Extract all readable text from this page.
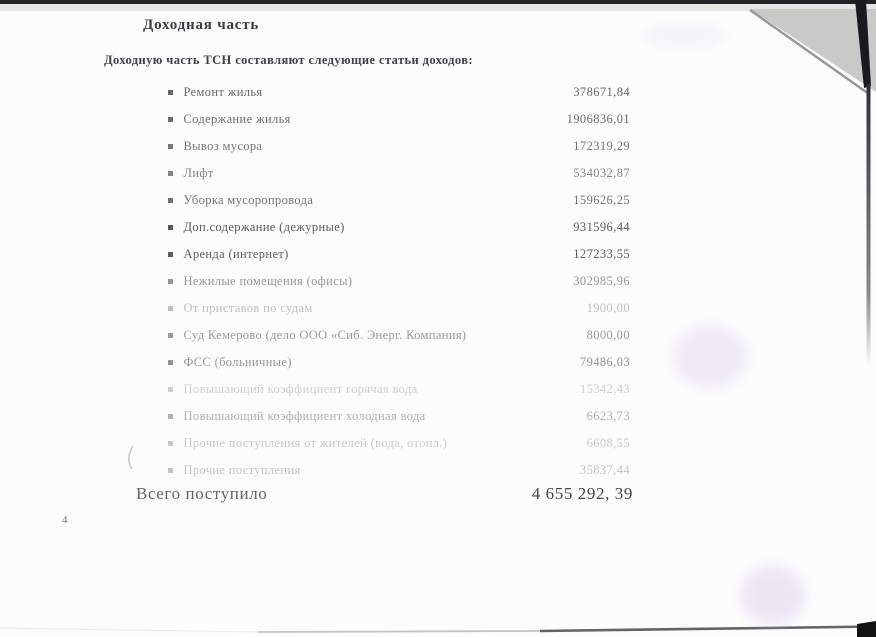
Доходная часть

Доходную часть ТСН составляют следующие статьи доходов:

Ремонт жилья	378671,84
Содержание жилья	1906836,01
Вывоз мусора	172319,29
Лифт	534032,87
Уборка мусоропровода	159626,25
Доп.содержание (дежурные)	931596,44
Аренда (интернет)	127233,55
Нежилые помещения (офисы)	302985,96
От приставов по судам	1900,00
Суд Кемерово (дело ООО «Сиб. Энерг. Компания)	8000,00
ФСС (больничные)	79486,03
Повышающий коэффициент горячая вода	15342,43
Повышающий коэффициент холодная вода	6623,73
Прочие поступления от жителей (вода, отопл.)	6608,55
Прочие поступления	35837,44
Всего поступило	4 655 292, 39
4
